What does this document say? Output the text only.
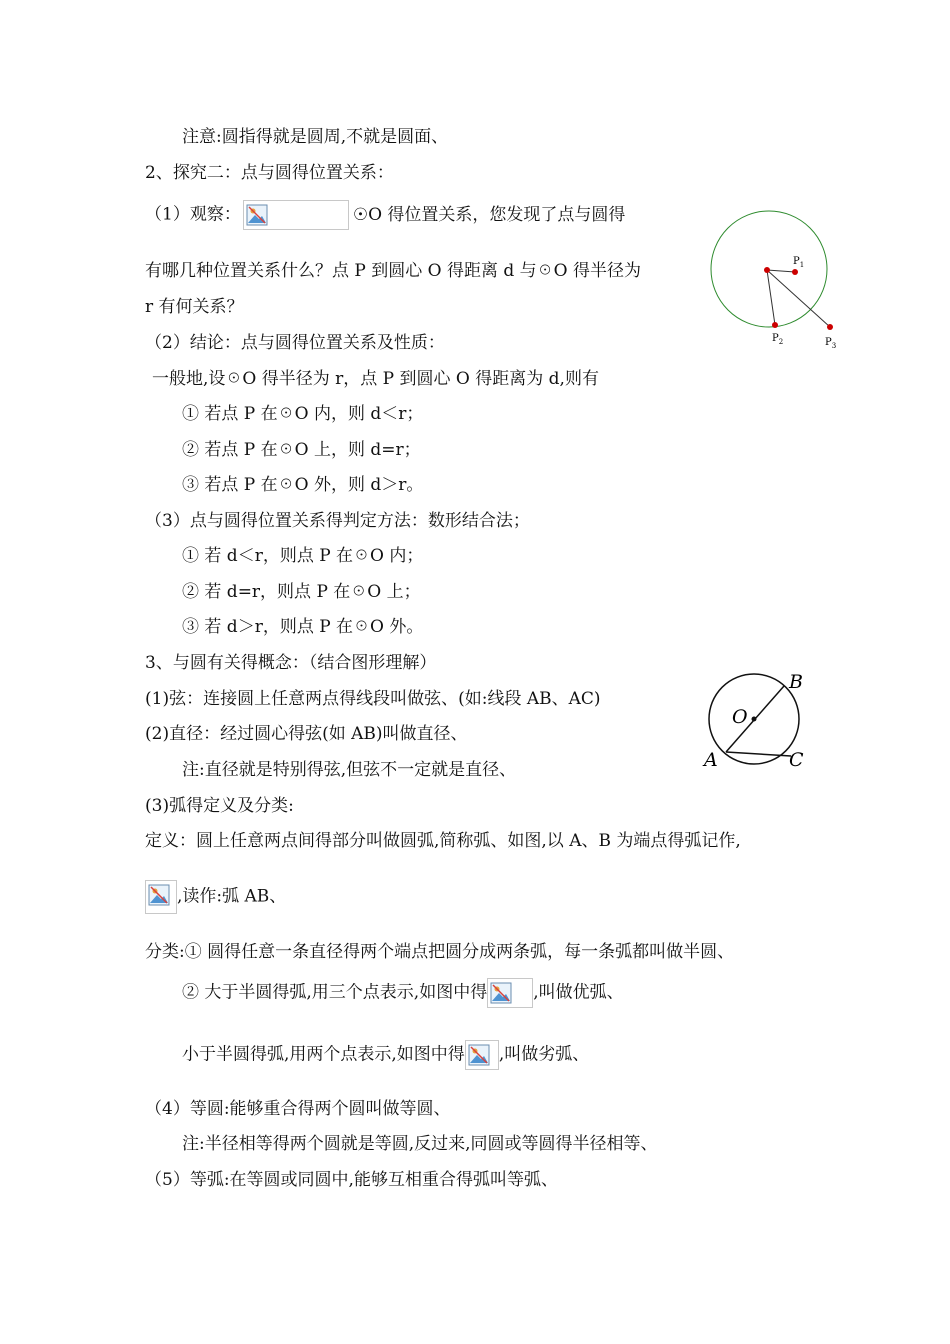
注意:圆指得就是圆周,不就是圆面、
2、探究二：点与圆得位置关系：
（1）观察：	☉O 得位置关系，您发现了点与圆得
有哪几种位置关系什么？点 P 到圆心 O 得距离 d 与☉O 得半径为
r 有何关系？
（2）结论：点与圆得位置关系及性质：
一般地,设☉O 得半径为 r，点 P 到圆心 O 得距离为 d,则有
① 若点 P 在☉O 内，则 d＜r；
② 若点 P 在☉O 上，则 d=r；
③ 若点 P 在☉O 外，则 d＞r。
（3）点与圆得位置关系得判定方法：数形结合法；
① 若 d＜r，则点 P 在☉O 内；
② 若 d=r，则点 P 在☉O 上；
③ 若 d＞r，则点 P 在☉O 外。
3、与圆有关得概念：（结合图形理解）
(1)弦：连接圆上任意两点得线段叫做弦、(如:线段 AB、AC)
(2)直径：经过圆心得弦(如 AB)叫做直径、
注:直径就是特别得弦,但弦不一定就是直径、
(3)弧得定义及分类:
定义：圆上任意两点间得部分叫做圆弧,简称弧、如图,以 A、B 为端点得弧记作,
,读作:弧 AB、
分类:① 圆得任意一条直径得两个端点把圆分成两条弧，每一条弧都叫做半圆、
② 大于半圆得弧,用三个点表示,如图中得	,叫做优弧、
小于半圆得弧,用两个点表示,如图中得 ,叫做劣弧、
（4）等圆:能够重合得两个圆叫做等圆、
注:半径相等得两个圆就是等圆,反过来,同圆或等圆得半径相等、
（5）等弧:在等圆或同圆中,能够互相重合得弧叫等弧、
$P_1$
$P_2$	$P_3$
O
A
B
C
